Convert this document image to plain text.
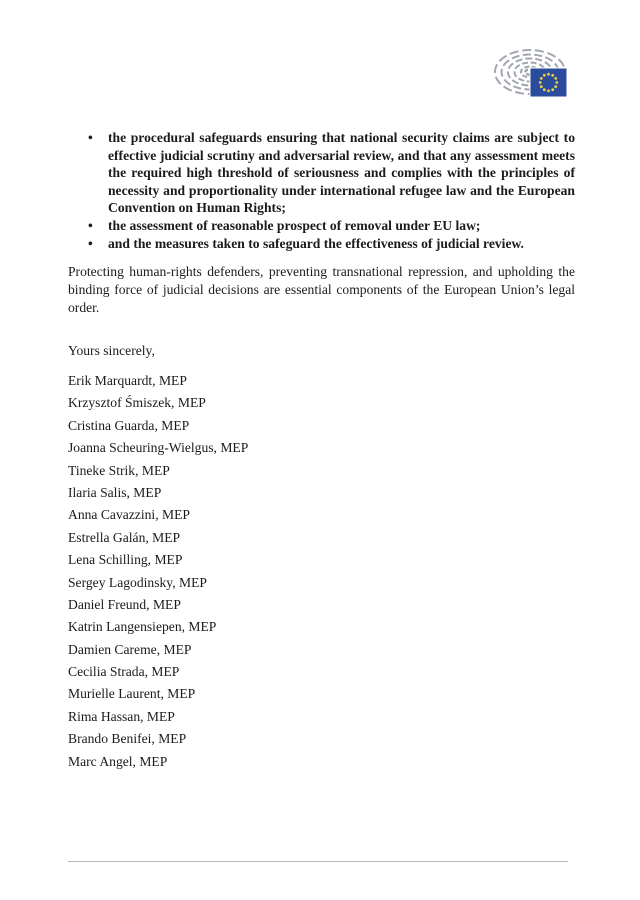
• the procedural safeguards ensuring that national security claims are subject to effective judicial scrutiny and adversarial review, and that any assessment meets the required high threshold of seriousness and complies with the principles of necessity and proportionality under international refugee law and the European Convention on Human Rights;
• the assessment of reasonable prospect of removal under EU law;
• and the measures taken to safeguard the effectiveness of judicial review.

Protecting human-rights defenders, preventing transnational repression, and upholding the binding force of judicial decisions are essential components of the European Union’s legal order.

Yours sincerely,

Erik Marquardt, MEP

Krzysztof Śmiszek, MEP

Cristina Guarda, MEP

Joanna Scheuring-Wielgus, MEP

Tineke Strik, MEP

Ilaria Salis, MEP

Anna Cavazzini, MEP

Estrella Galán, MEP

Lena Schilling, MEP

Sergey Lagodinsky, MEP

Daniel Freund, MEP

Katrin Langensiepen, MEP

Damien Careme, MEP

Cecilia Strada, MEP

Murielle Laurent, MEP

Rima Hassan, MEP

Brando Benifei, MEP

Marc Angel, MEP
